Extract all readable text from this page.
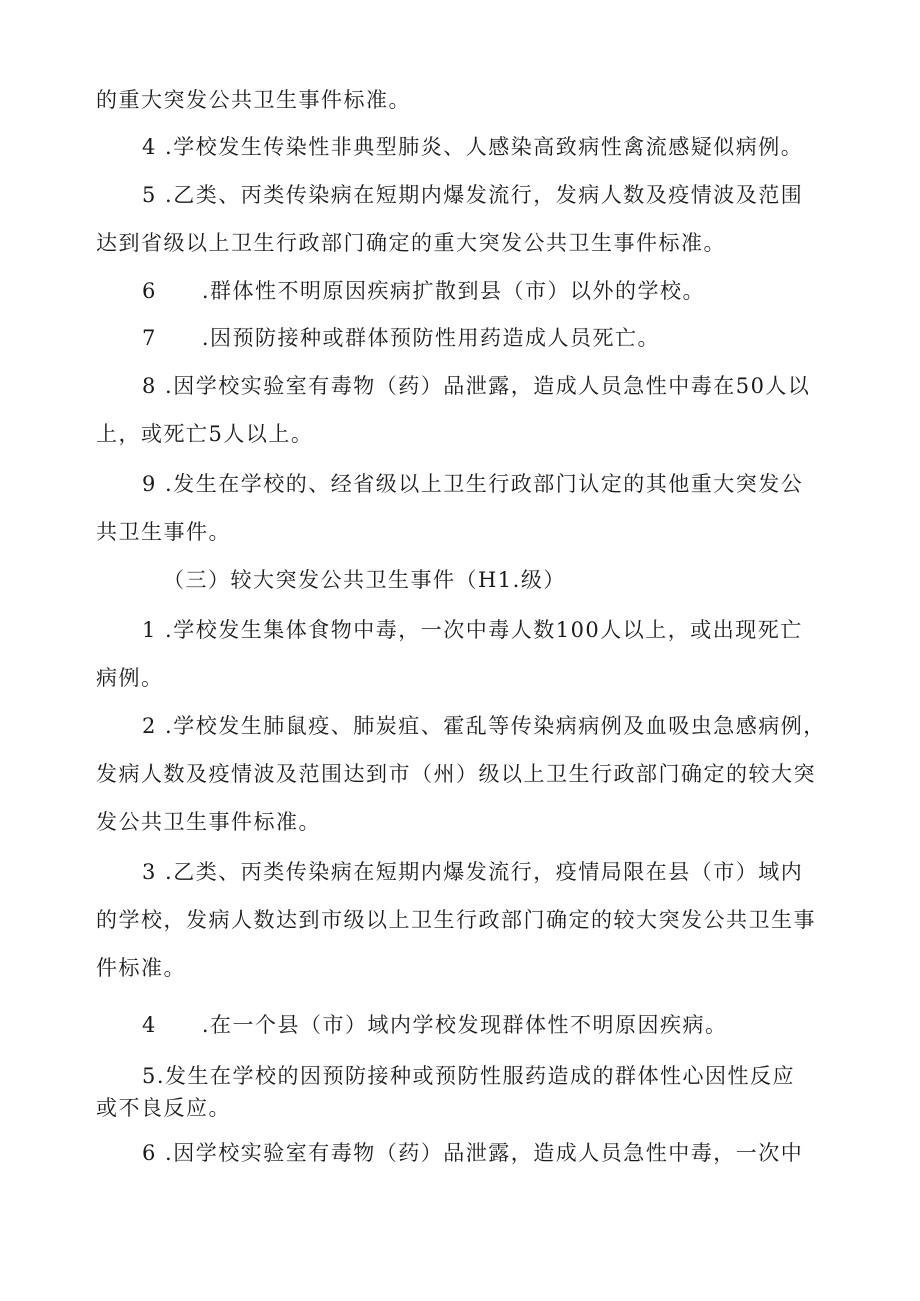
的重大突发公共卫生事件标准。
4 .学校发生传染性非典型肺炎、人感染高致病性禽流感疑似病例。
5 .乙类、丙类传染病在短期内爆发流行，发病人数及疫情波及范围
达到省级以上卫生行政部门确定的重大突发公共卫生事件标准。
6　　.群体性不明原因疾病扩散到县（市）以外的学校。
7　　.因预防接种或群体预防性用药造成人员死亡。
8 .因学校实验室有毒物（药）品泄露，造成人员急性中毒在50人以
上，或死亡5人以上。
9 .发生在学校的、经省级以上卫生行政部门认定的其他重大突发公
共卫生事件。
（三）较大突发公共卫生事件（H1.级）
1 .学校发生集体食物中毒，一次中毒人数100人以上，或出现死亡
病例。
2 .学校发生肺鼠疫、肺炭疽、霍乱等传染病病例及血吸虫急感病例，
发病人数及疫情波及范围达到市（州）级以上卫生行政部门确定的较大突
发公共卫生事件标准。
3 .乙类、丙类传染病在短期内爆发流行，疫情局限在县（市）域内
的学校，发病人数达到市级以上卫生行政部门确定的较大突发公共卫生事
件标准。
4　　.在一个县（市）域内学校发现群体性不明原因疾病。
5.发生在学校的因预防接种或预防性服药造成的群体性心因性反应
或不良反应。
6 .因学校实验室有毒物（药）品泄露，造成人员急性中毒，一次中
